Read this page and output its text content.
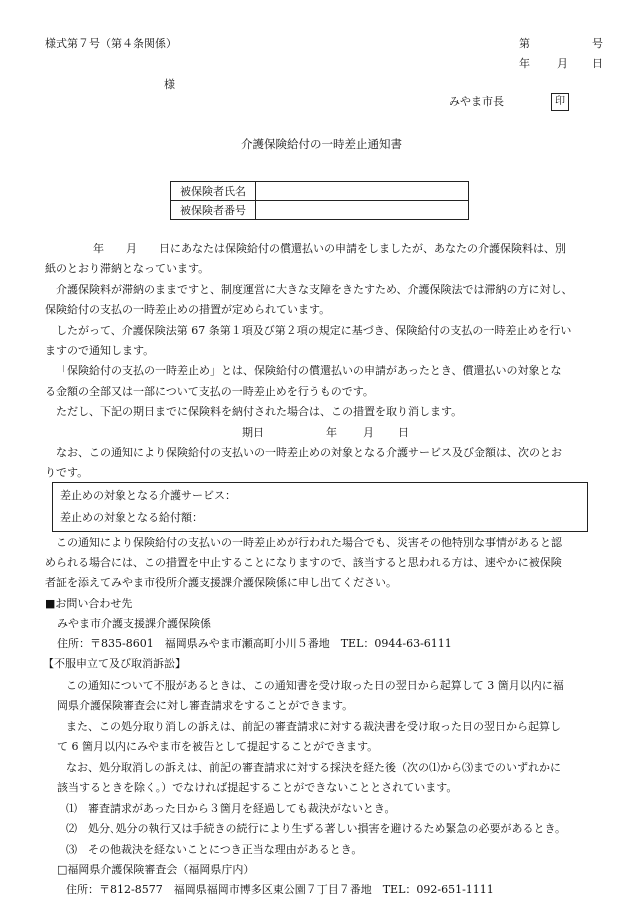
様式第７号（第４条関係）	第	号
年 月 日
様
みやま市長	印
介護保険給付の一時差止通知書
被保険者氏名	
被保険者番号	
年　　月　　日にあなたは保険給付の償還払いの申請をしましたが、あなたの介護保険料は、別
紙のとおり滞納となっています。
介護保険料が滞納のままですと、制度運営に大きな支障をきたすため、介護保険法では滞納の方に対し、
保険給付の支払の一時差止めの措置が定められています。
したがって、介護保険法第 67 条第１項及び第２項の規定に基づき、保険給付の支払の一時差止めを行い
ますので通知します。
「保険給付の支払の一時差止め」とは、保険給付の償還払いの申請があったとき、償還払いの対象とな
る金額の全部又は一部について支払の一時差止めを行うものです。
ただし、下記の期日までに保険料を納付された場合は、この措置を取り消します。
期日	年 月 日
なお、この通知により保険給付の支払いの一時差止めの対象となる介護サービス及び金額は、次のとお
りです。
差止めの対象となる介護サービス：
差止めの対象となる給付額：
この通知により保険給付の支払いの一時差止めが行われた場合でも、災害その他特別な事情があると認
められる場合には、この措置を中止することになりますので、該当すると思われる方は、速やかに被保険
者証を添えてみやま市役所介護支援課介護保険係に申し出てください。
■お問い合わせ先
みやま市介護支援課介護保険係
住所：〒835-8601　福岡県みやま市瀬高町小川５番地　TEL：0944-63-6111
【不服申立て及び取消訴訟】
この通知について不服があるときは、この通知書を受け取った日の翌日から起算して 3 箇月以内に福
岡県介護保険審査会に対し審査請求をすることができます。
また、この処分取り消しの訴えは、前記の審査請求に対する裁決書を受け取った日の翌日から起算し
て 6 箇月以内にみやま市を被告として提起することができます。
なお、処分取消しの訴えは、前記の審査請求に対する採決を経た後（次の⑴から⑶までのいずれかに
該当するときを除く。）でなければ提起することができないこととされています。
⑴　審査請求があった日から３箇月を経過しても裁決がないとき。
⑵　処分､処分の執行又は手続きの続行により生ずる著しい損害を避けるため緊急の必要があるとき。
⑶　その他裁決を経ないことにつき正当な理由があるとき。
□福岡県介護保険審査会（福岡県庁内）
住所：〒812-8577　福岡県福岡市博多区東公園７丁目７番地　TEL：092-651-1111
